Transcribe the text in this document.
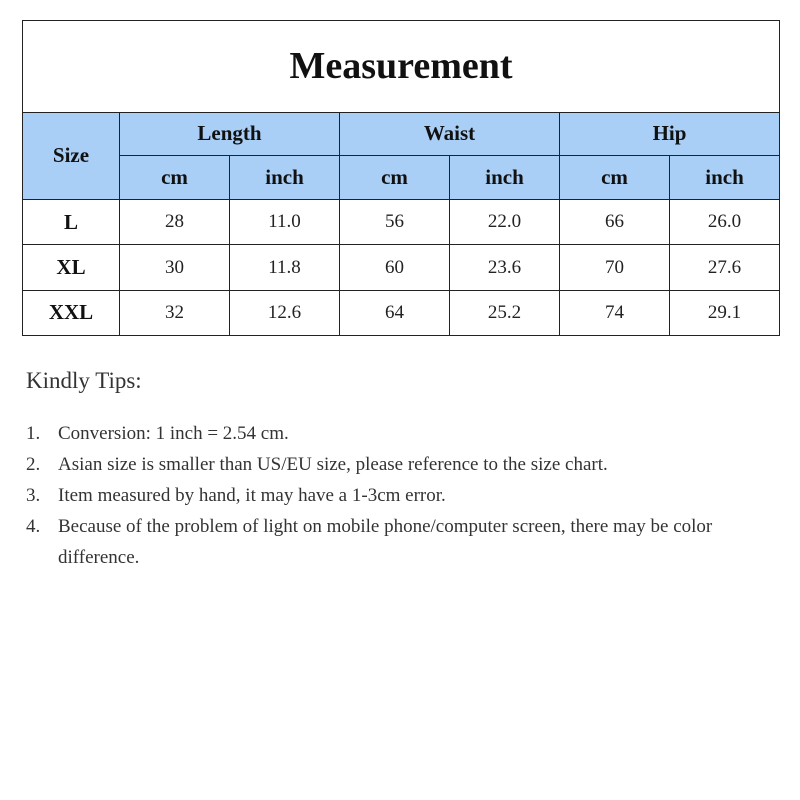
Measurement						
Size	Length		Waist		Hip	
	cm	inch	cm	inch	cm	inch
L	28	11.0	56	22.0	66	26.0
XL	30	11.8	60	23.6	70	27.6
XXL	32	12.6	64	25.2	74	29.1
Kindly Tips:
1. Conversion: 1 inch = 2.54 cm.
2. Asian size is smaller than US/EU size, please reference to the size chart.
3. Item measured by hand, it may have a 1-3cm error.
4. Because of the problem of light on mobile phone/computer screen, there may be color difference.
